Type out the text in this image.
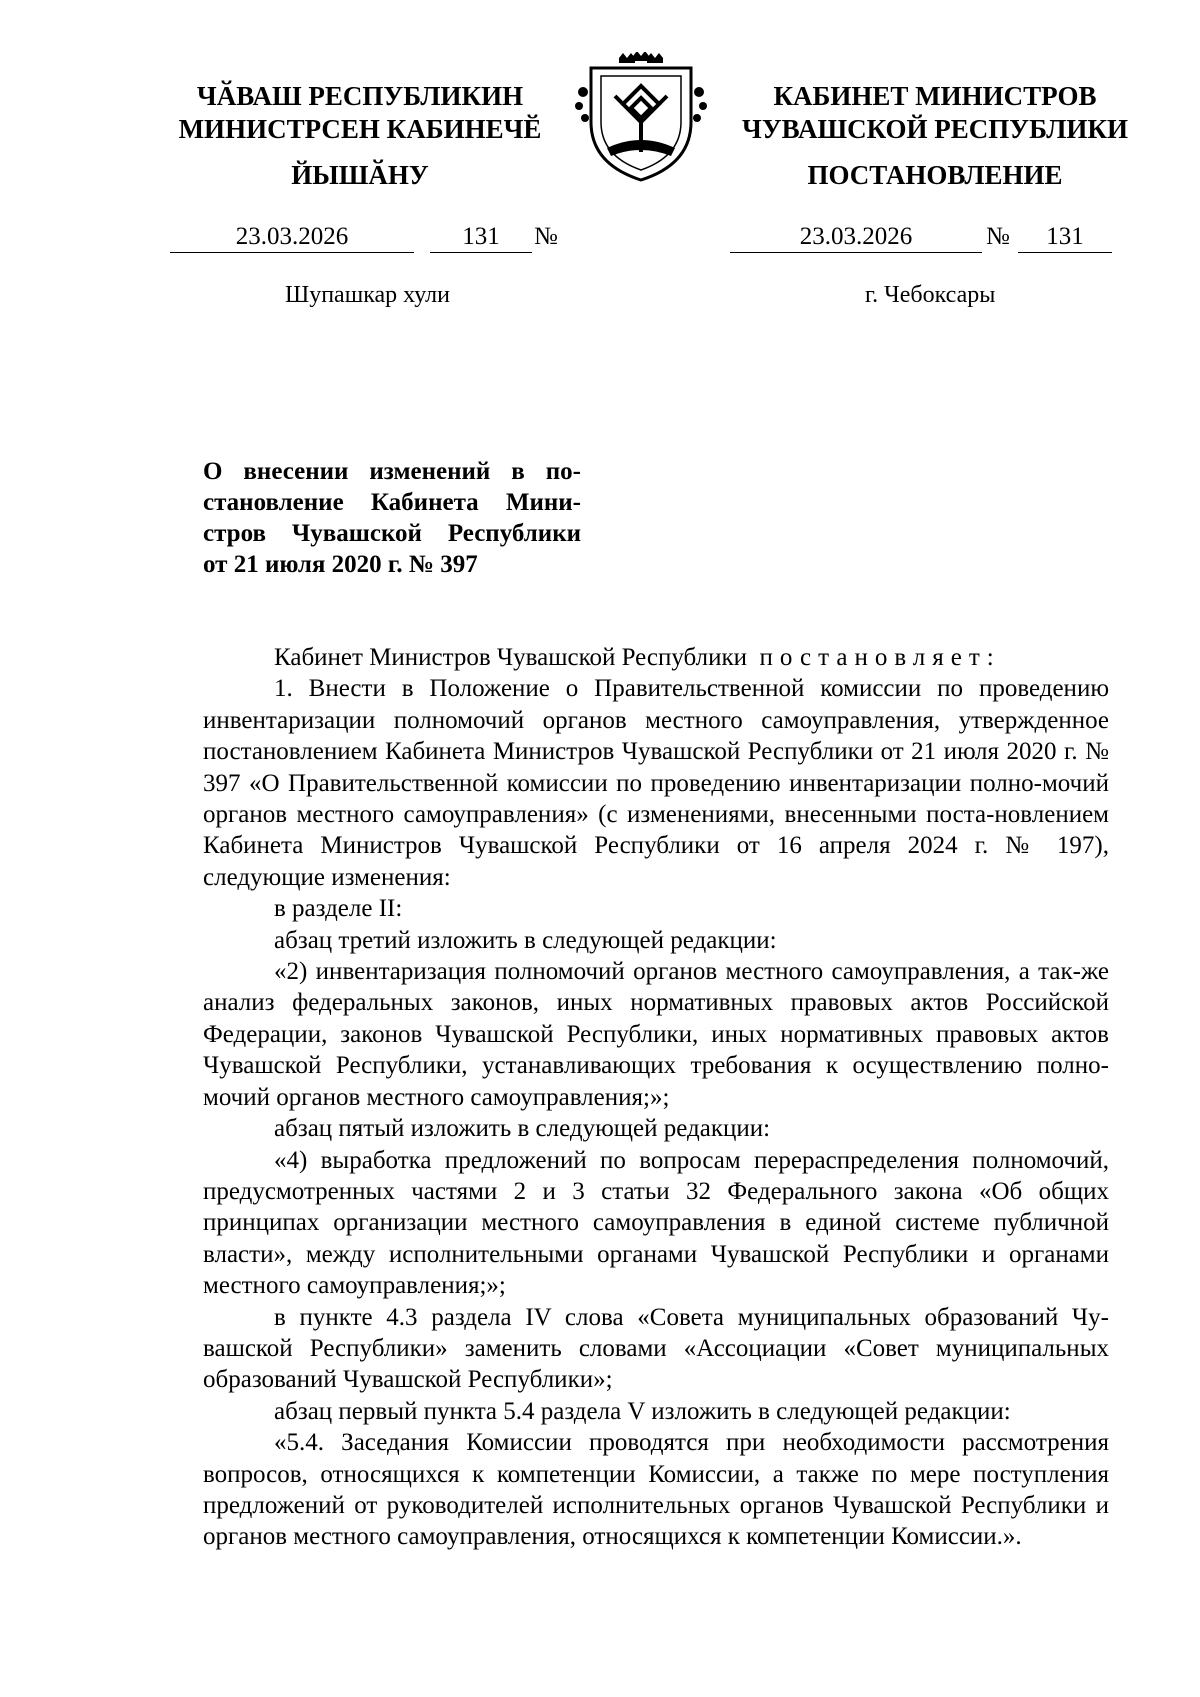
ЧӐВАШ РЕСПУБЛИКИН
МИНИСТРСЕН КАБИНЕЧӖ
ЙЫШӐНУ
КАБИНЕТ МИНИСТРОВ
ЧУВАШСКОЙ РЕСПУБЛИКИ
ПОСТАНОВЛЕНИЕ
23.03.2026	131	№	23.03.2026	№	131
Шупашкар хули	г. Чебоксары
О внесении изменений в по-
становление Кабинета Мини-
стров Чувашской Республики
от 21 июля 2020 г. № 397

Кабинет Министров Чувашской Республики постановляет:

1. Внести в Положение о Правительственной комиссии по проведению инвентаризации полномочий органов местного самоуправления, утвержденное постановлением Кабинета Министров Чувашской Республики от 21 июля 2020 г. № 397 «О Правительственной комиссии по проведению инвентаризации полно-мочий органов местного самоуправления» (с изменениями, внесенными поста-новлением Кабинета Министров Чувашской Республики от 16 апреля 2024 г. № 197), следующие изменения:

в разделе II:

абзац третий изложить в следующей редакции:

«2) инвентаризация полномочий органов местного самоуправления, а так-же анализ федеральных законов, иных нормативных правовых актов Российской Федерации, законов Чувашской Республики, иных нормативных правовых актов Чувашской Республики, устанавливающих требования к осуществлению полно-мочий органов местного самоуправления;»;

абзац пятый изложить в следующей редакции:

«4) выработка предложений по вопросам перераспределения полномочий, предусмотренных частями 2 и 3 статьи 32 Федерального закона «Об общих принципах организации местного самоуправления в единой системе публичной власти», между исполнительными органами Чувашской Республики и органами местного самоуправления;»;

в пункте 4.3 раздела IV слова «Совета муниципальных образований Чу-вашской Республики» заменить словами «Ассоциации «Совет муниципальных образований Чувашской Республики»;

абзац первый пункта 5.4 раздела V изложить в следующей редакции:

«5.4. Заседания Комиссии проводятся при необходимости рассмотрения вопросов, относящихся к компетенции Комиссии, а также по мере поступления предложений от руководителей исполнительных органов Чувашской Республики и органов местного самоуправления, относящихся к компетенции Комиссии.».
